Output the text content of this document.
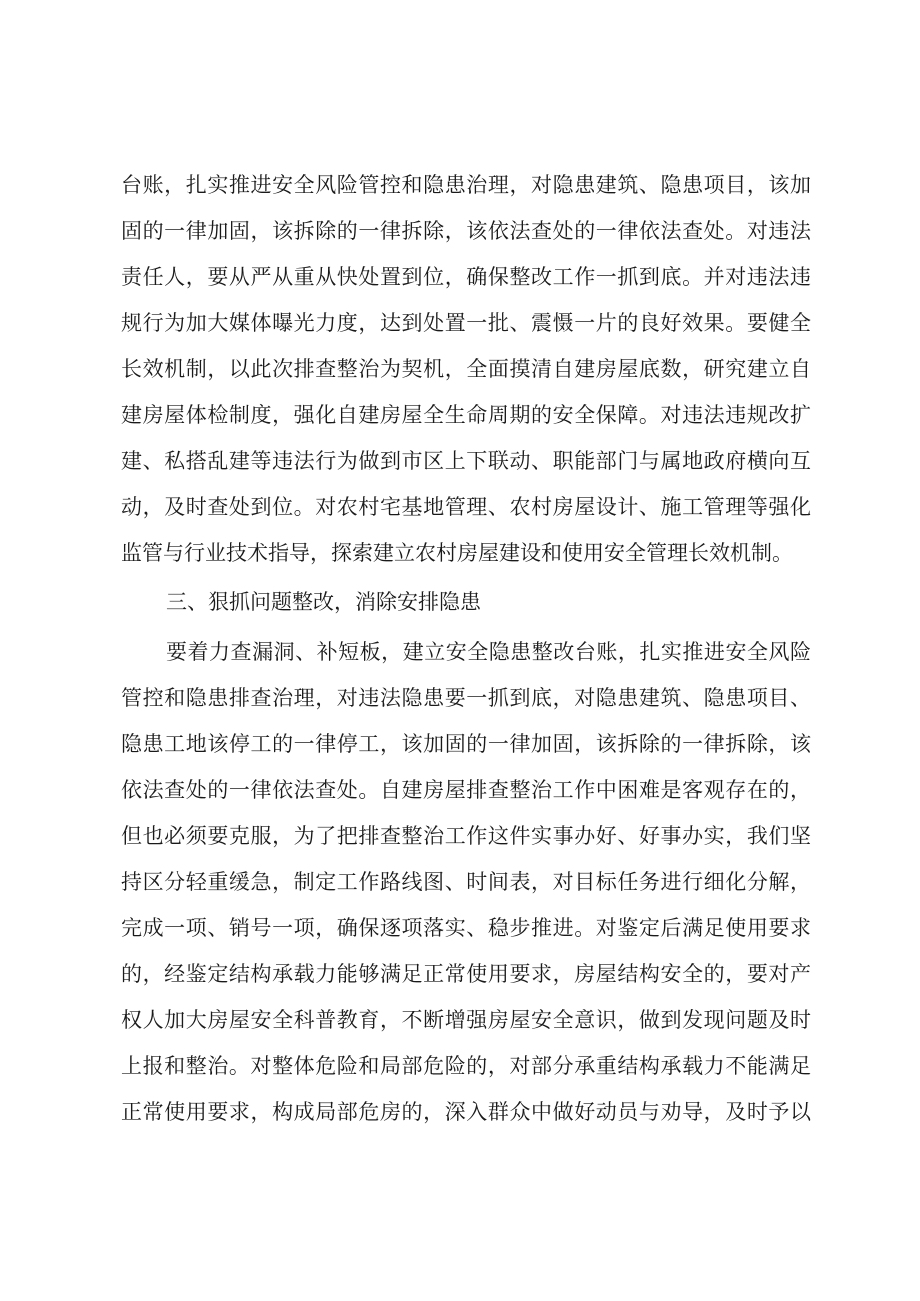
台账，扎实推进安全风险管控和隐患治理，对隐患建筑、隐患项目，该加
固的一律加固，该拆除的一律拆除，该依法查处的一律依法查处。对违法
责任人，要从严从重从快处置到位，确保整改工作一抓到底。并对违法违
规行为加大媒体曝光力度，达到处置一批、震慑一片的良好效果。要健全
长效机制，以此次排查整治为契机，全面摸清自建房屋底数，研究建立自
建房屋体检制度，强化自建房屋全生命周期的安全保障。对违法违规改扩
建、私搭乱建等违法行为做到市区上下联动、职能部门与属地政府横向互
动，及时查处到位。对农村宅基地管理、农村房屋设计、施工管理等强化
监管与行业技术指导，探索建立农村房屋建设和使用安全管理长效机制。
三、狠抓问题整改，消除安排隐患
要着力查漏洞、补短板，建立安全隐患整改台账，扎实推进安全风险
管控和隐患排查治理，对违法隐患要一抓到底，对隐患建筑、隐患项目、
隐患工地该停工的一律停工，该加固的一律加固，该拆除的一律拆除，该
依法查处的一律依法查处。自建房屋排查整治工作中困难是客观存在的，
但也必须要克服，为了把排查整治工作这件实事办好、好事办实，我们坚
持区分轻重缓急，制定工作路线图、时间表，对目标任务进行细化分解，
完成一项、销号一项，确保逐项落实、稳步推进。对鉴定后满足使用要求
的，经鉴定结构承载力能够满足正常使用要求，房屋结构安全的，要对产
权人加大房屋安全科普教育，不断增强房屋安全意识，做到发现问题及时
上报和整治。对整体危险和局部危险的，对部分承重结构承载力不能满足
正常使用要求，构成局部危房的，深入群众中做好动员与劝导，及时予以
